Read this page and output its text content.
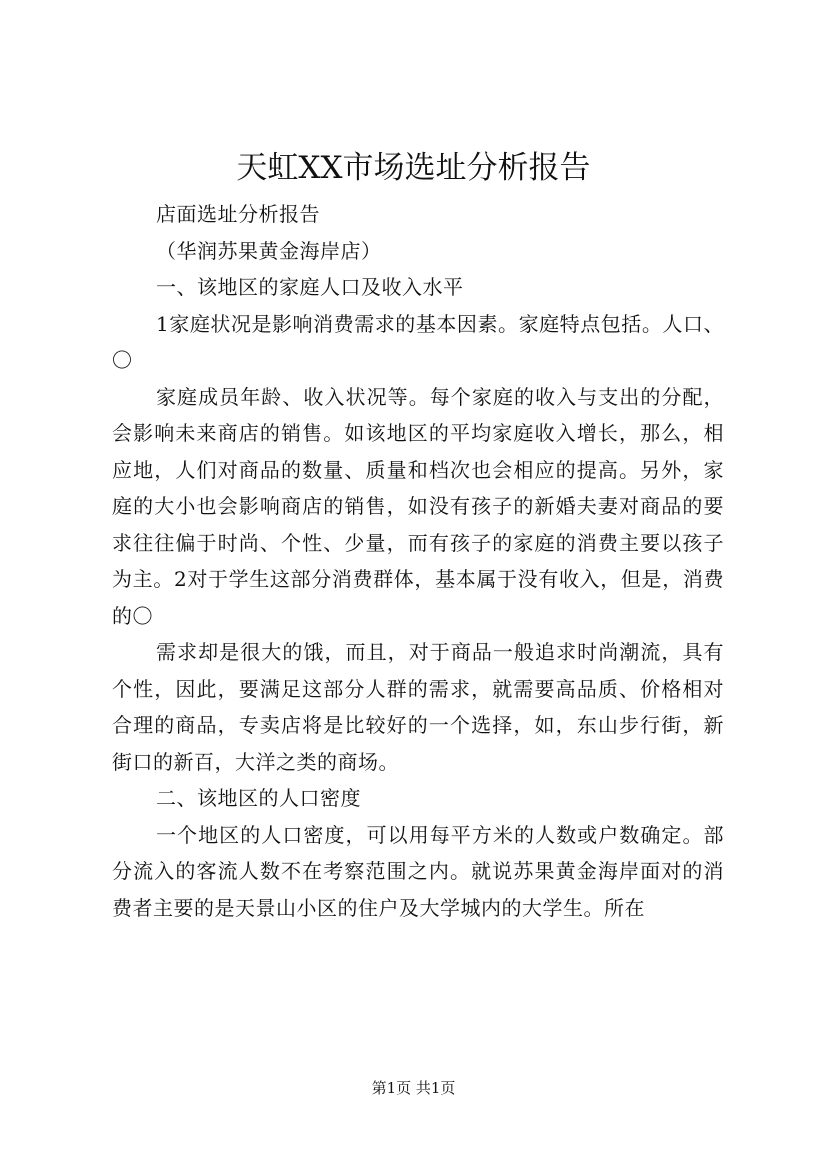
天虹XX市场选址分析报告

店面选址分析报告

（华润苏果黄金海岸店）

一、该地区的家庭人口及收入水平

1家庭状况是影响消费需求的基本因素。家庭特点包括。人口、〇

家庭成员年龄、收入状况等。每个家庭的收入与支出的分配，会影响未来商店的销售。如该地区的平均家庭收入增长，那么，相应地，人们对商品的数量、质量和档次也会相应的提高。另外，家庭的大小也会影响商店的销售，如没有孩子的新婚夫妻对商品的要求往往偏于时尚、个性、少量，而有孩子的家庭的消费主要以孩子为主。2对于学生这部分消费群体，基本属于没有收入，但是，消费的〇

需求却是很大的饿，而且，对于商品一般追求时尚潮流，具有个性，因此，要满足这部分人群的需求，就需要高品质、价格相对合理的商品，专卖店将是比较好的一个选择，如，东山步行街，新街口的新百，大洋之类的商场。

二、该地区的人口密度

一个地区的人口密度，可以用每平方米的人数或户数确定。部分流入的客流人数不在考察范围之内。就说苏果黄金海岸面对的消费者主要的是天景山小区的住户及大学城内的大学生。所在

第1页 共1页
